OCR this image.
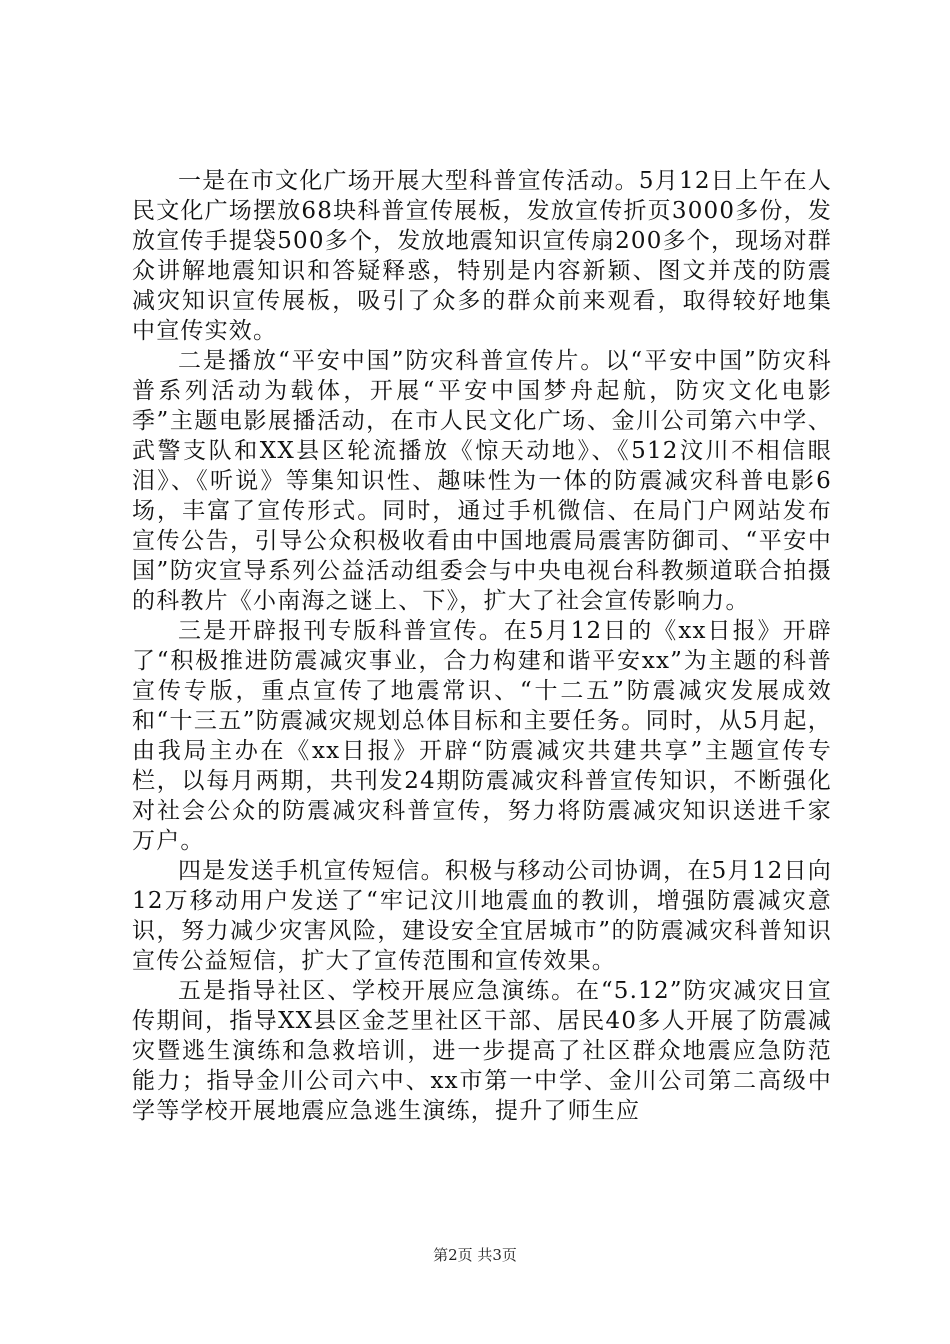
一是在市文化广场开展大型科普宣传活动。5月12日上午在人民文化广场摆放68块科普宣传展板，发放宣传折页3000多份，发放宣传手提袋500多个，发放地震知识宣传扇200多个，现场对群众讲解地震知识和答疑释惑，特别是内容新颖、图文并茂的防震减灾知识宣传展板，吸引了众多的群众前来观看，取得较好地集中宣传实效。

二是播放“平安中国”防灾科普宣传片。以“平安中国”防灾科普系列活动为载体，开展“平安中国梦舟起航，防灾文化电影季”主题电影展播活动，在市人民文化广场、金川公司第六中学、武警支队和XX县区轮流播放《惊天动地》、《512汶川不相信眼泪》、《听说》等集知识性、趣味性为一体的防震减灾科普电影6场，丰富了宣传形式。同时，通过手机微信、在局门户网站发布宣传公告，引导公众积极收看由中国地震局震害防御司、“平安中国”防灾宣导系列公益活动组委会与中央电视台科教频道联合拍摄的科教片《小南海之谜上、下》，扩大了社会宣传影响力。

三是开辟报刊专版科普宣传。在5月12日的《xx日报》开辟了“积极推进防震减灾事业，合力构建和谐平安xx”为主题的科普宣传专版，重点宣传了地震常识、“十二五”防震减灾发展成效和“十三五”防震减灾规划总体目标和主要任务。同时，从5月起，由我局主办在《xx日报》开辟“防震减灾共建共享”主题宣传专栏，以每月两期，共刊发24期防震减灾科普宣传知识，不断强化对社会公众的防震减灾科普宣传，努力将防震减灾知识送进千家万户。

四是发送手机宣传短信。积极与移动公司协调，在5月12日向12万移动用户发送了“牢记汶川地震血的教训，增强防震减灾意识，努力减少灾害风险，建设安全宜居城市”的防震减灾科普知识宣传公益短信，扩大了宣传范围和宣传效果。

五是指导社区、学校开展应急演练。在“5.12”防灾减灾日宣传期间，指导XX县区金芝里社区干部、居民40多人开展了防震减灾暨逃生演练和急救培训，进一步提高了社区群众地震应急防范能力；指导金川公司六中、xx市第一中学、金川公司第二高级中学等学校开展地震应急逃生演练，提升了师生应

第2页 共3页
